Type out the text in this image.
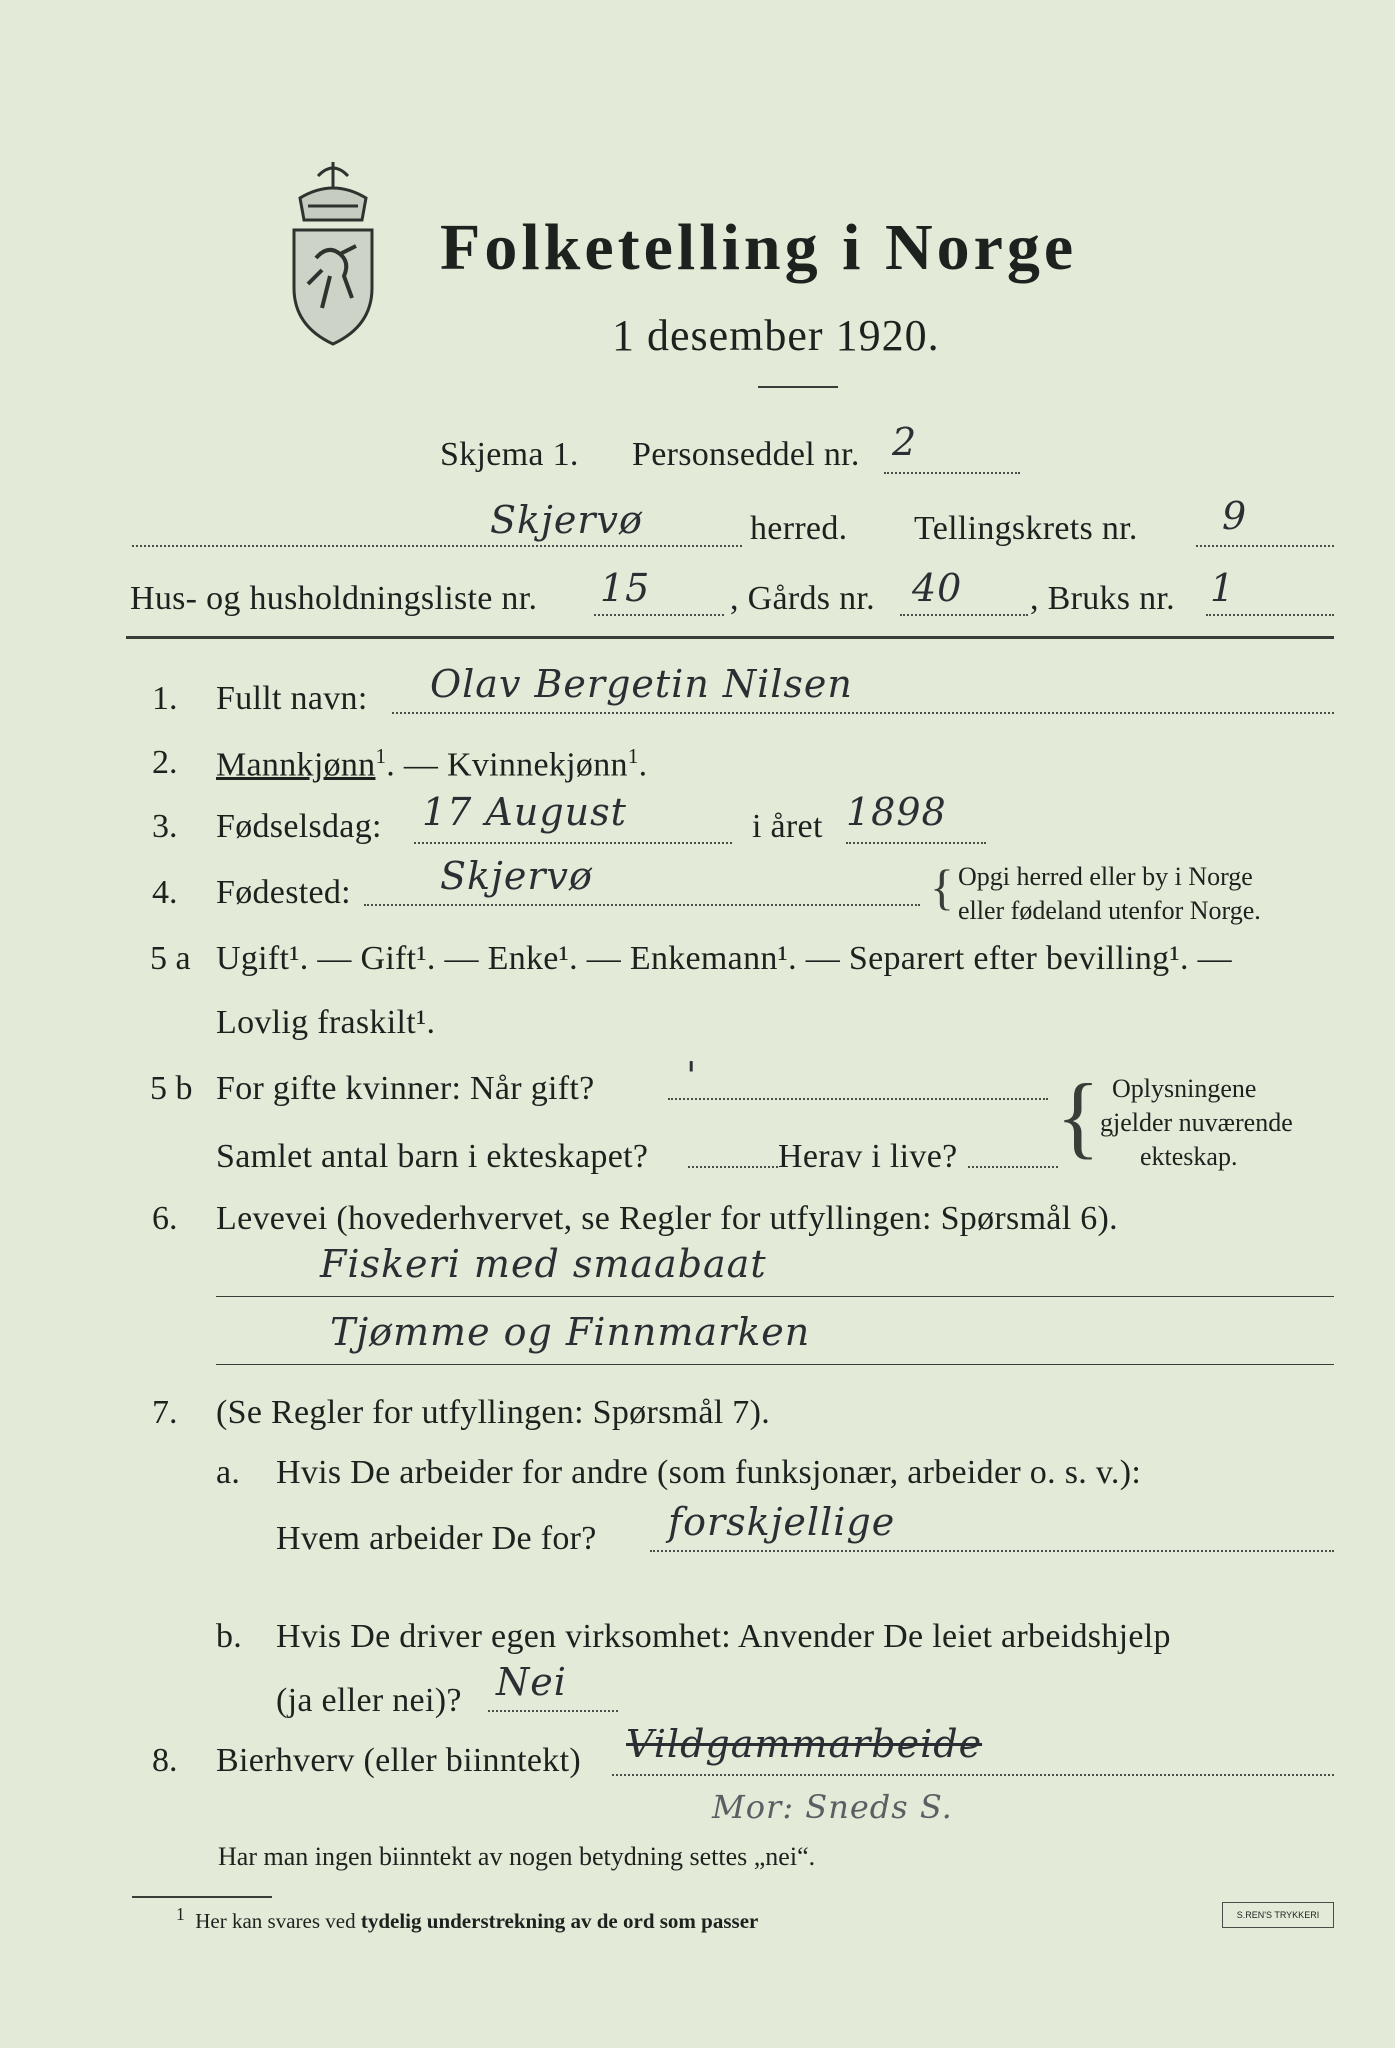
Folketelling i Norge
1 desember 1920.
Skjema 1. Personseddel nr. 2
Skjervø	herred. Tellingskrets nr. 9
Hus- og husholdningsliste nr. 15 , Gårds nr. 40 , Bruks nr. 1
1. Fullt navn: Olav Bergetin Nilsen
2. Mannkjønn$^1$. — Kvinnekjønn$^1$.
3. Fødselsdag: 17 August	i året 1898
4. Fødested: Skjervø	{ Opgi herred eller by i Norge
eller fødeland utenfor Norge.
5 a Ugift¹. — Gift¹. — Enke¹. — Enkemann¹. — Separert efter bevilling¹. —
Lovlig fraskilt¹.
5 b For gifte kvinner: Når gift? '
Samlet antal barn i ekteskapet?	Herav i live? { Oplysningene
gjelder nuværende
ekteskap.
6. Levevei (hovederhvervet, se Regler for utfyllingen: Spørsmål 6).
Fiskeri med smaabaat
Tjømme og Finnmarken
7. (Se Regler for utfyllingen: Spørsmål 7).
a. Hvis De arbeider for andre (som funksjonær, arbeider o. s. v.):
Hvem arbeider De for? forskjellige
b. Hvis De driver egen virksomhet: Anvender De leiet arbeidshjelp
(ja eller nei)? Nei
8. Bierhverv (eller biinntekt) Vildgammarbeide
Mor: Sneds S.
Har man ingen biinntekt av nogen betydning settes „nei“.
$^1$ Her kan svares ved tydelig understrekning av de ord som passer	S.REN'S TRYKKERI
